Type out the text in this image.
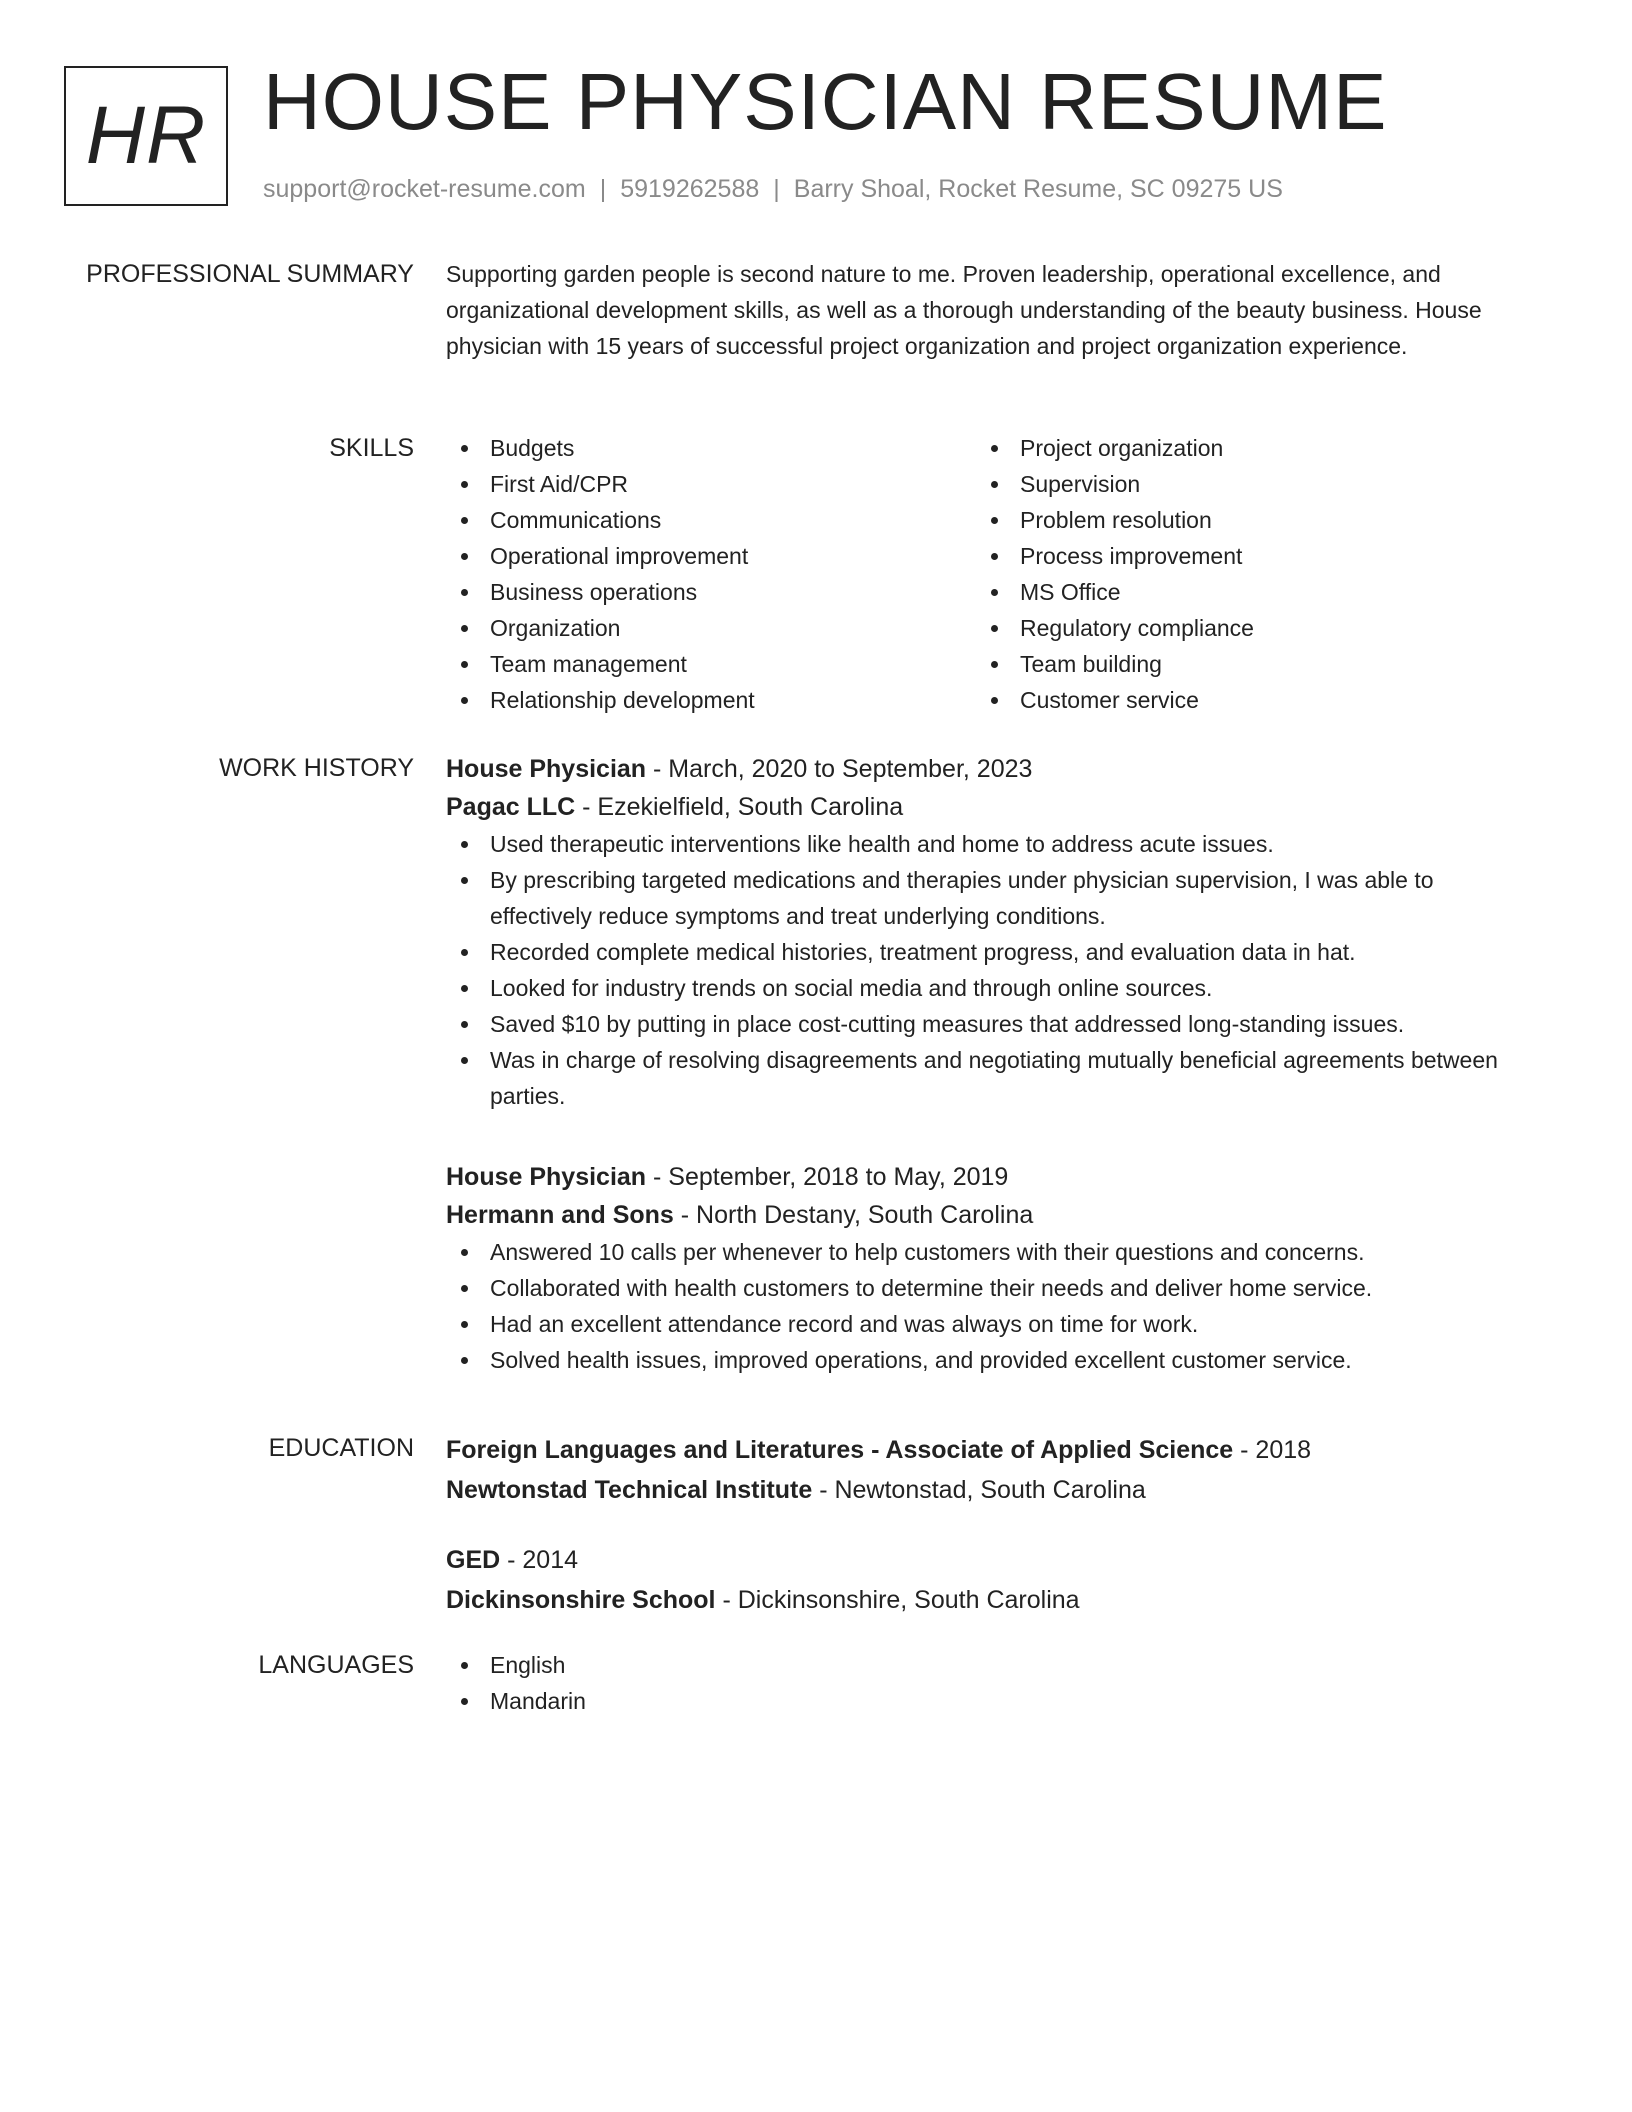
HR HOUSE PHYSICIAN RESUME
support@rocket-resume.com | 5919262588 | Barry Shoal, Rocket Resume, SC 09275 US
PROFESSIONAL SUMMARY Supporting garden people is second nature to me. Proven leadership, operational excellence, and organizational development skills, as well as a thorough understanding of the beauty business. House physician with 15 years of successful project organization and project organization experience.

SKILLS	Budgets
First Aid/CPR
Communications
Operational improvement
Business operations
Organization
Team management
Relationship development
Project organization
Supervision
Problem resolution
Process improvement
MS Office
Regulatory compliance
Team building
Customer service
WORK HISTORY House Physician - March, 2020 to September, 2023
Pagac LLC - Ezekielfield, South Carolina
Used therapeutic interventions like health and home to address acute issues.
By prescribing targeted medications and therapies under physician supervision, I was able to effectively reduce symptoms and treat underlying conditions.
Recorded complete medical histories, treatment progress, and evaluation data in hat.
Looked for industry trends on social media and through online sources.
Saved $10 by putting in place cost-cutting measures that addressed long-standing issues.
Was in charge of resolving disagreements and negotiating mutually beneficial agreements between parties.
House Physician - September, 2018 to May, 2019
Hermann and Sons - North Destany, South Carolina
Answered 10 calls per whenever to help customers with their questions and concerns.
Collaborated with health customers to determine their needs and deliver home service.
Had an excellent attendance record and was always on time for work.
Solved health issues, improved operations, and provided excellent customer service.
EDUCATION Foreign Languages and Literatures - Associate of Applied Science - 2018
Newtonstad Technical Institute - Newtonstad, South Carolina
GED - 2014
Dickinsonshire School - Dickinsonshire, South Carolina
LANGUAGES	English
Mandarin
